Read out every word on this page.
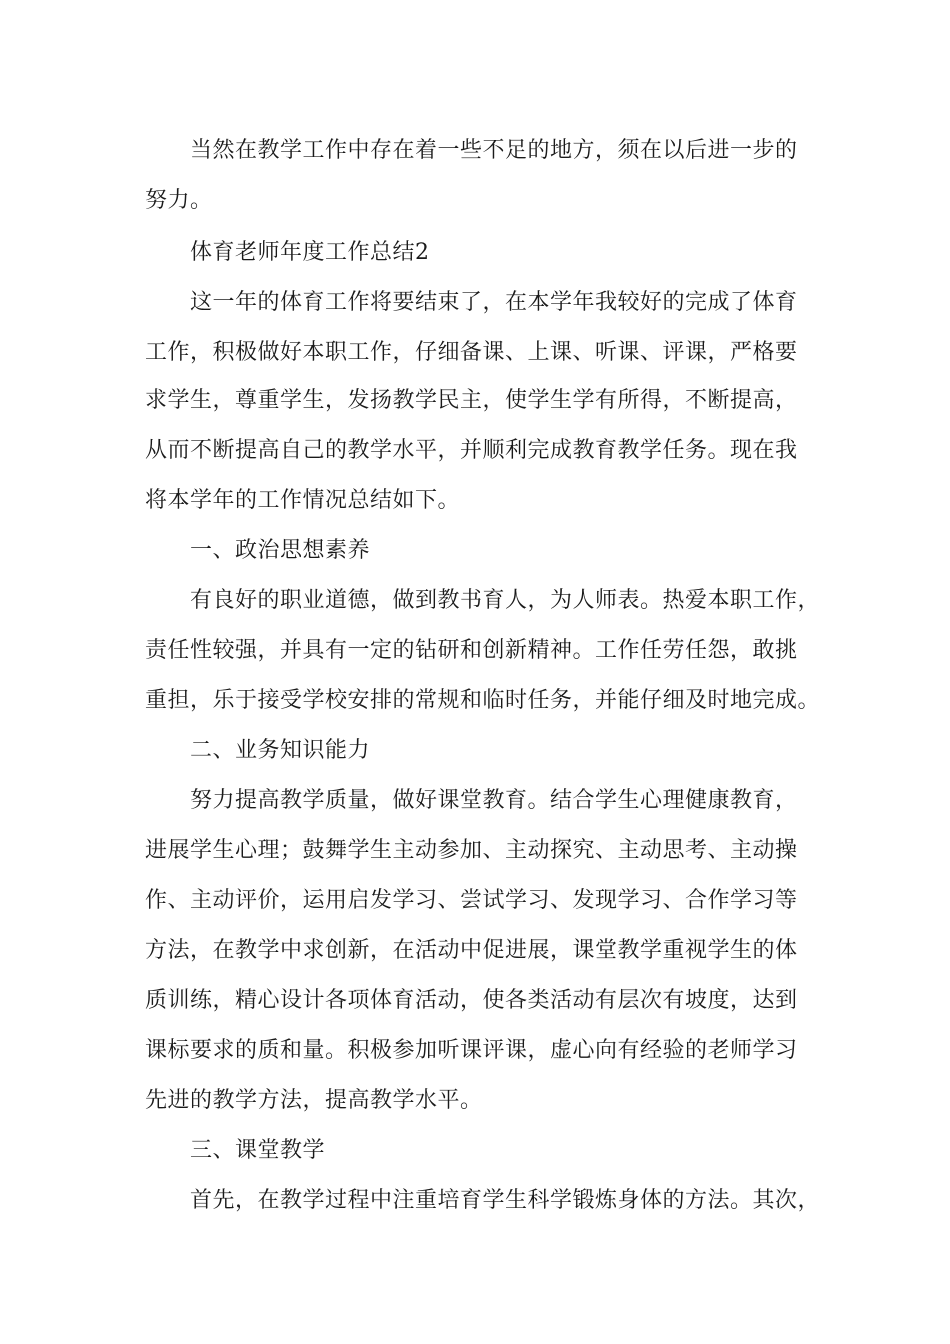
当然在教学工作中存在着一些不足的地方，须在以后进一步的
努力。
体育老师年度工作总结2
这一年的体育工作将要结束了，在本学年我较好的完成了体育
工作，积极做好本职工作，仔细备课、上课、听课、评课，严格要
求学生，尊重学生，发扬教学民主，使学生学有所得，不断提高，
从而不断提高自己的教学水平，并顺利完成教育教学任务。现在我
将本学年的工作情况总结如下。
一、政治思想素养
有良好的职业道德，做到教书育人，为人师表。热爱本职工作，
责任性较强，并具有一定的钻研和创新精神。工作任劳任怨，敢挑
重担，乐于接受学校安排的常规和临时任务，并能仔细及时地完成。
二、业务知识能力
努力提高教学质量，做好课堂教育。结合学生心理健康教育，
进展学生心理；鼓舞学生主动参加、主动探究、主动思考、主动操
作、主动评价，运用启发学习、尝试学习、发现学习、合作学习等
方法，在教学中求创新，在活动中促进展，课堂教学重视学生的体
质训练，精心设计各项体育活动，使各类活动有层次有坡度，达到
课标要求的质和量。积极参加听课评课，虚心向有经验的老师学习
先进的教学方法，提高教学水平。
三、课堂教学
首先，在教学过程中注重培育学生科学锻炼身体的方法。其次，
